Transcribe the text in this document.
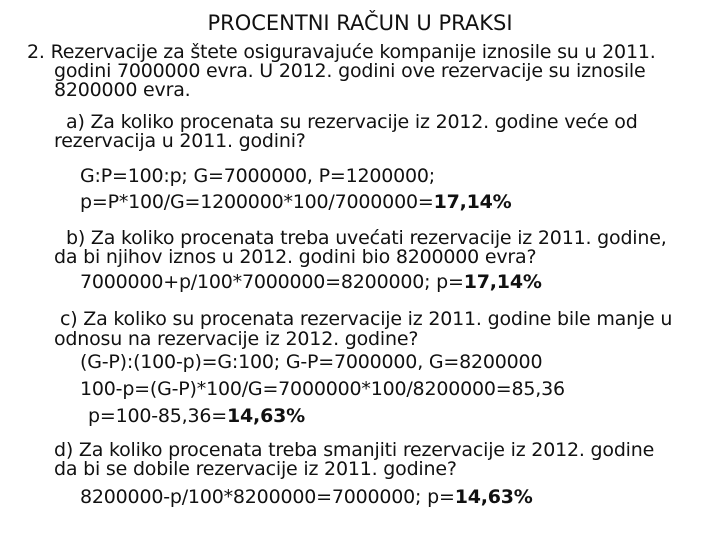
PROCENTNI RAČUN U PRAKSI
2. Rezervacije za štete osiguravajuće kompanije iznosile su u 2011.
godini 7000000 evra. U 2012. godini ove rezervacije su iznosile
8200000 evra.
a) Za koliko procenata su rezervacije iz 2012. godine veće od
rezervacija u 2011. godini?
G:P=100:p; G=7000000, P=1200000;
p=P*100/G=1200000*100/7000000=17,14%
b) Za koliko procenata treba uvećati rezervacije iz 2011. godine,
da bi njihov iznos u 2012. godini bio 8200000 evra?
7000000+p/100*7000000=8200000; p=17,14%
c) Za koliko su procenata rezervacije iz 2011. godine bile manje u
odnosu na rezervacije iz 2012. godine?
(G-P):(100-p)=G:100; G-P=7000000, G=8200000
100-p=(G-P)*100/G=7000000*100/8200000=85,36
p=100-85,36=14,63%
d) Za koliko procenata treba smanjiti rezervacije iz 2012. godine
da bi se dobile rezervacije iz 2011. godine?
8200000-p/100*8200000=7000000; p=14,63%
